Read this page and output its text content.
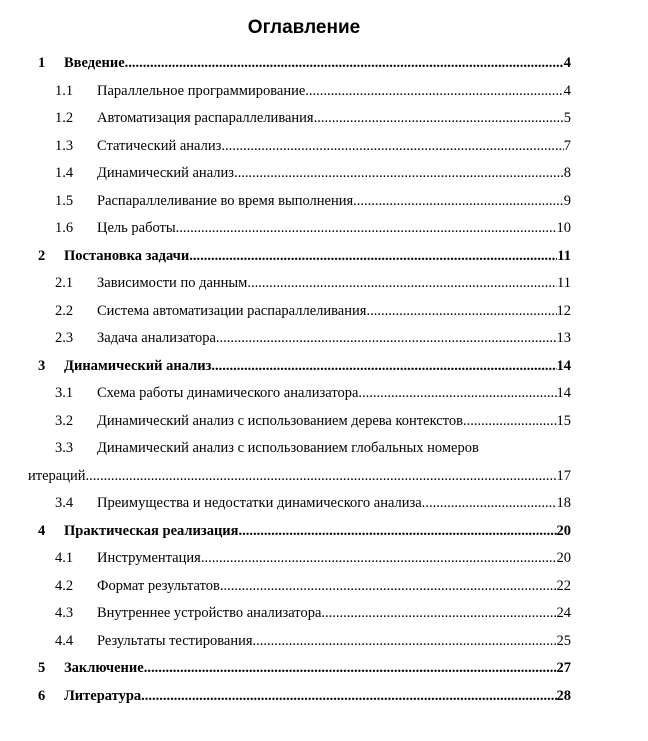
Оглавление
1 Введение .....	4
1.1 Параллельное программирование .....	4
1.2 Автоматизация распараллеливания .....	5
1.3 Статический анализ .....	7
1.4 Динамический анализ .....	8
1.5 Распараллеливание во время выполнения .....	9
1.6 Цель работы .....	10
2 Постановка задачи .....	11
2.1 Зависимости по данным .....	11
2.2 Система автоматизации распараллеливания .....	12
2.3 Задача анализатора .....	13
3 Динамический анализ .....	14
3.1 Схема работы динамического анализатора .....	14
3.2 Динамический анализ с использованием дерева контекстов .....	15
3.3 Динамический анализ с использованием глобальных номеров
итераций. .....	17
3.4 Преимущества и недостатки динамического анализа. .....	18
4 Практическая реализация .....	20
4.1 Инструментация .....	20
4.2 Формат результатов .....	22
4.3 Внутреннее устройство анализатора .....	24
4.4 Результаты тестирования .....	25
5 Заключение .....	27
6 Литература .....	28
